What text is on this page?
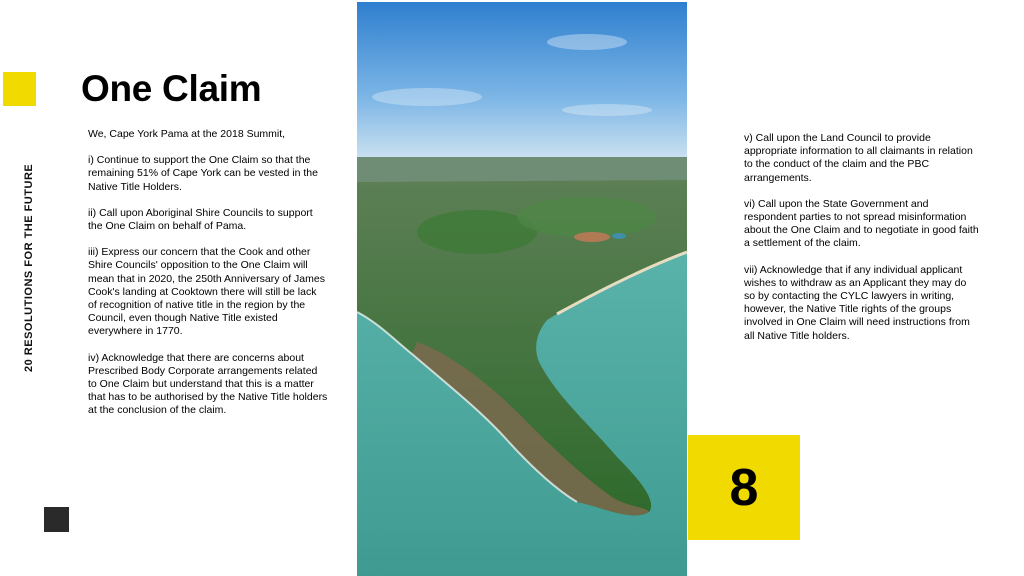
20 RESOLUTIONS FOR THE FUTURE
One Claim

We, Cape York Pama at the 2018 Summit,

i) Continue to support the One Claim so that the remaining 51% of Cape York can be vested in the Native Title Holders.

ii) Call upon Aboriginal Shire Councils to support the One Claim on behalf of Pama.

iii) Express our concern that the Cook and other Shire Councils' opposition to the One Claim will mean that in 2020, the 250th Anniversary of James Cook's landing at Cooktown there will still be lack of recognition of native title in the region by the Council, even though Native Title existed everywhere in 1770.

iv) Acknowledge that there are concerns about Prescribed Body Corporate arrangements related to One Claim but understand that this is a matter that has to be authorised by the Native Title holders at the conclusion of the claim.

v) Call upon the Land Council to provide appropriate information to all claimants in relation to the conduct of the claim and the PBC arrangements.

vi) Call upon the State Government and respondent parties to not spread misinformation about the One Claim and to negotiate in good faith a settlement of the claim.

vii) Acknowledge that if any individual applicant wishes to withdraw as an Applicant they may do so by contacting the CYLC lawyers in writing, however, the Native Title rights of the groups involved in One Claim will need instructions from all Native Title holders.

8
